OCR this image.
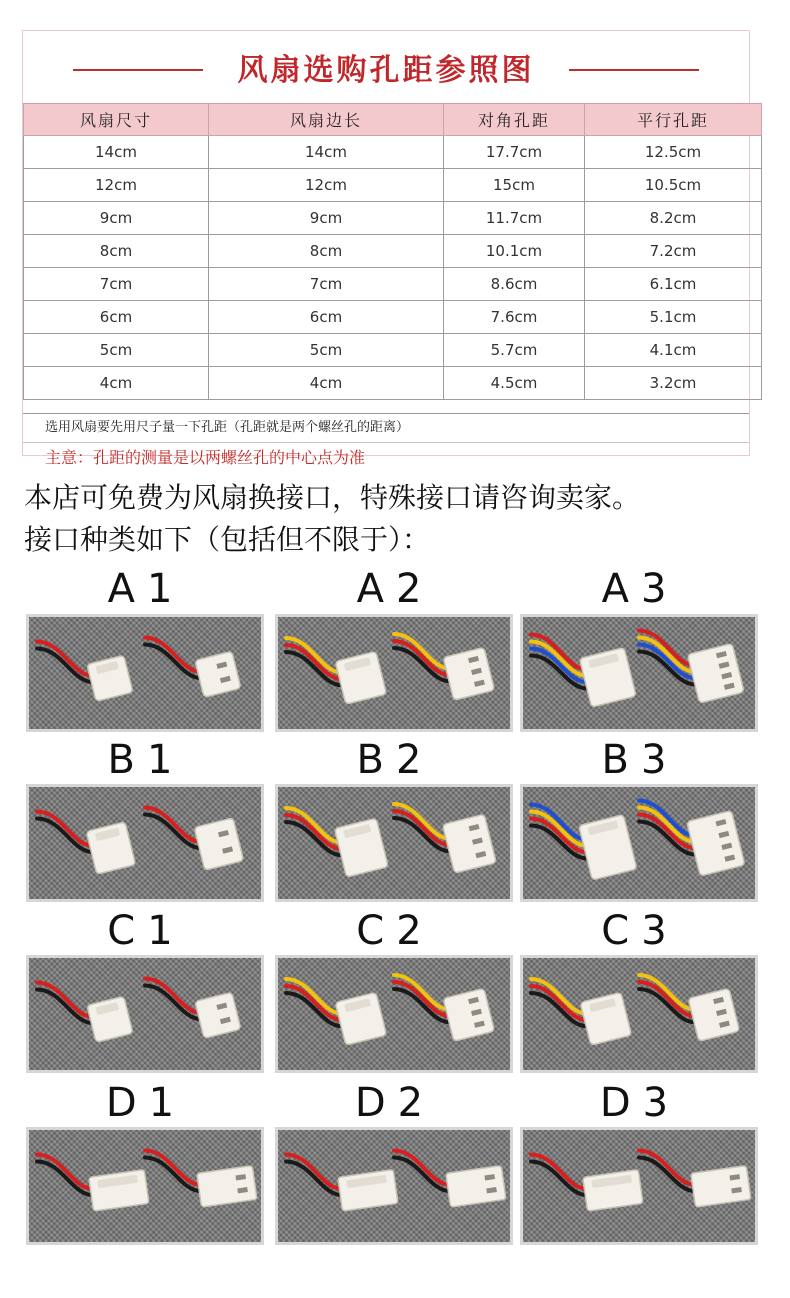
风扇选购孔距参照图
风扇尺寸	风扇边长	对角孔距	平行孔距
14cm	14cm	17.7cm	12.5cm
12cm	12cm	15cm	10.5cm
9cm	9cm	11.7cm	8.2cm
8cm	8cm	10.1cm	7.2cm
7cm	7cm	8.6cm	6.1cm
6cm	6cm	7.6cm	5.1cm
5cm	5cm	5.7cm	4.1cm
4cm	4cm	4.5cm	3.2cm
选用风扇要先用尺子量一下孔距（孔距就是两个螺丝孔的距离）
主意：孔距的测量是以两螺丝孔的中心点为准
本店可免费为风扇换接口，特殊接口请咨询卖家。
接口种类如下（包括但不限于）：
A1	A2	A3
B1	B2	B3
C1	C2	C3
D1	D2	D3
